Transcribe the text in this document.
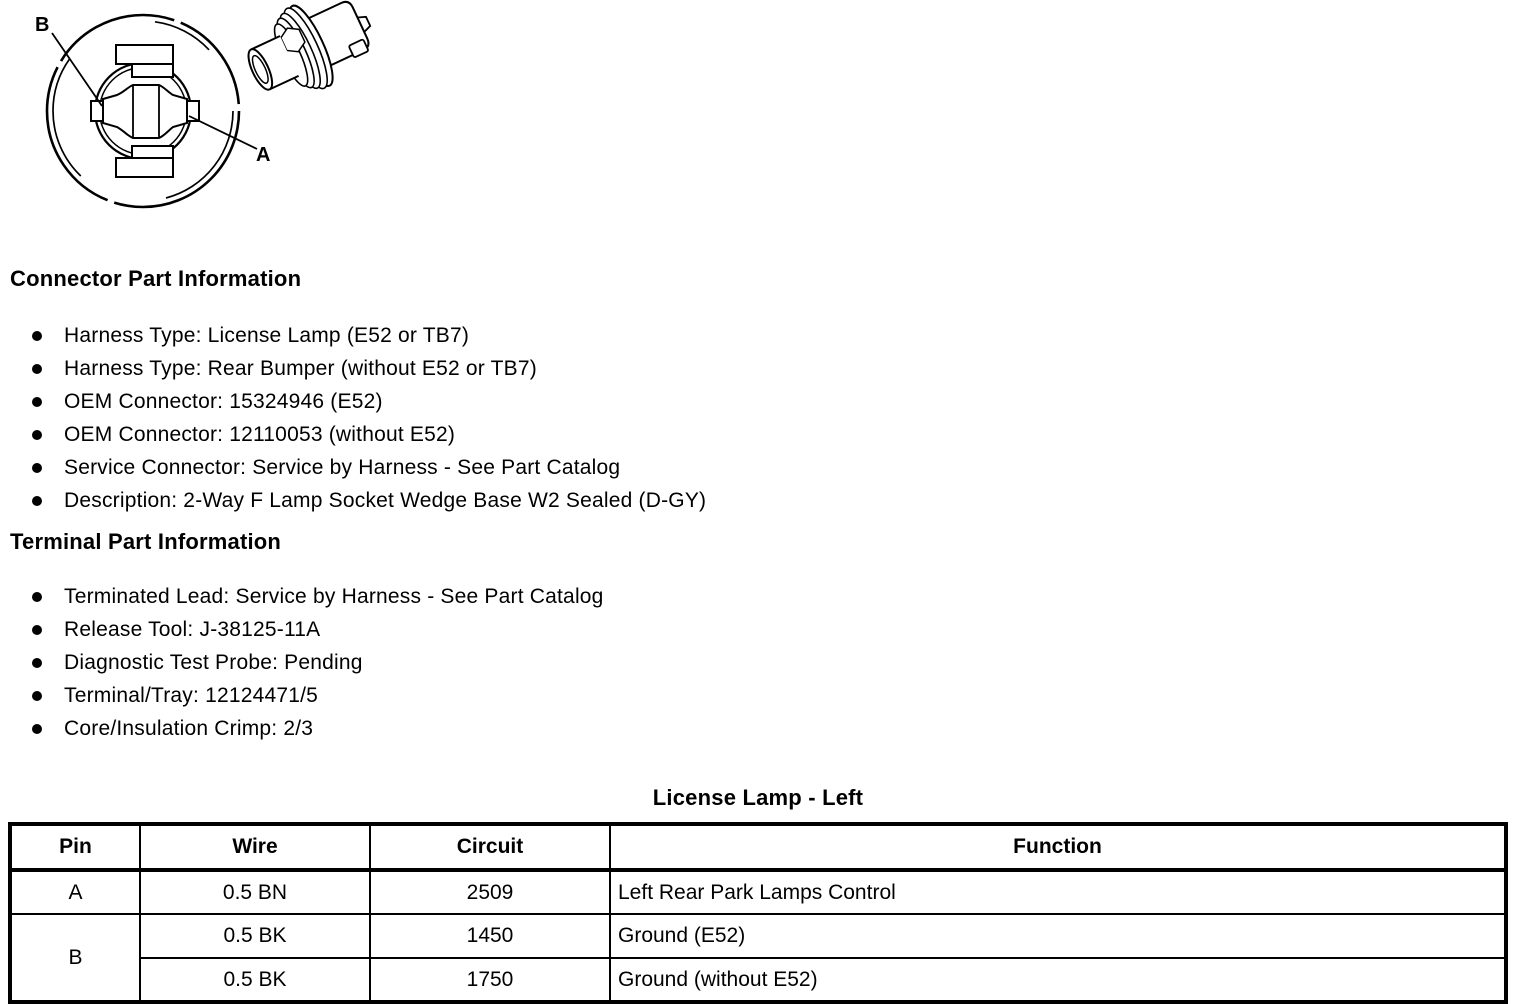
B
A
Connector Part Information
Harness Type: License Lamp (E52 or TB7)
Harness Type: Rear Bumper (without E52 or TB7)
OEM Connector: 15324946 (E52)
OEM Connector: 12110053 (without E52)
Service Connector: Service by Harness - See Part Catalog
Description: 2-Way F Lamp Socket Wedge Base W2 Sealed (D-GY)
Terminal Part Information
Terminated Lead: Service by Harness - See Part Catalog
Release Tool: J-38125-11A
Diagnostic Test Probe: Pending
Terminal/Tray: 12124471/5
Core/Insulation Crimp: 2/3
License Lamp - Left
Pin	Wire	Circuit	Function
A	0.5 BN	2509	Left Rear Park Lamps Control
B	0.5 BK	1450	Ground (E52)
	0.5 BK	1750	Ground (without E52)
